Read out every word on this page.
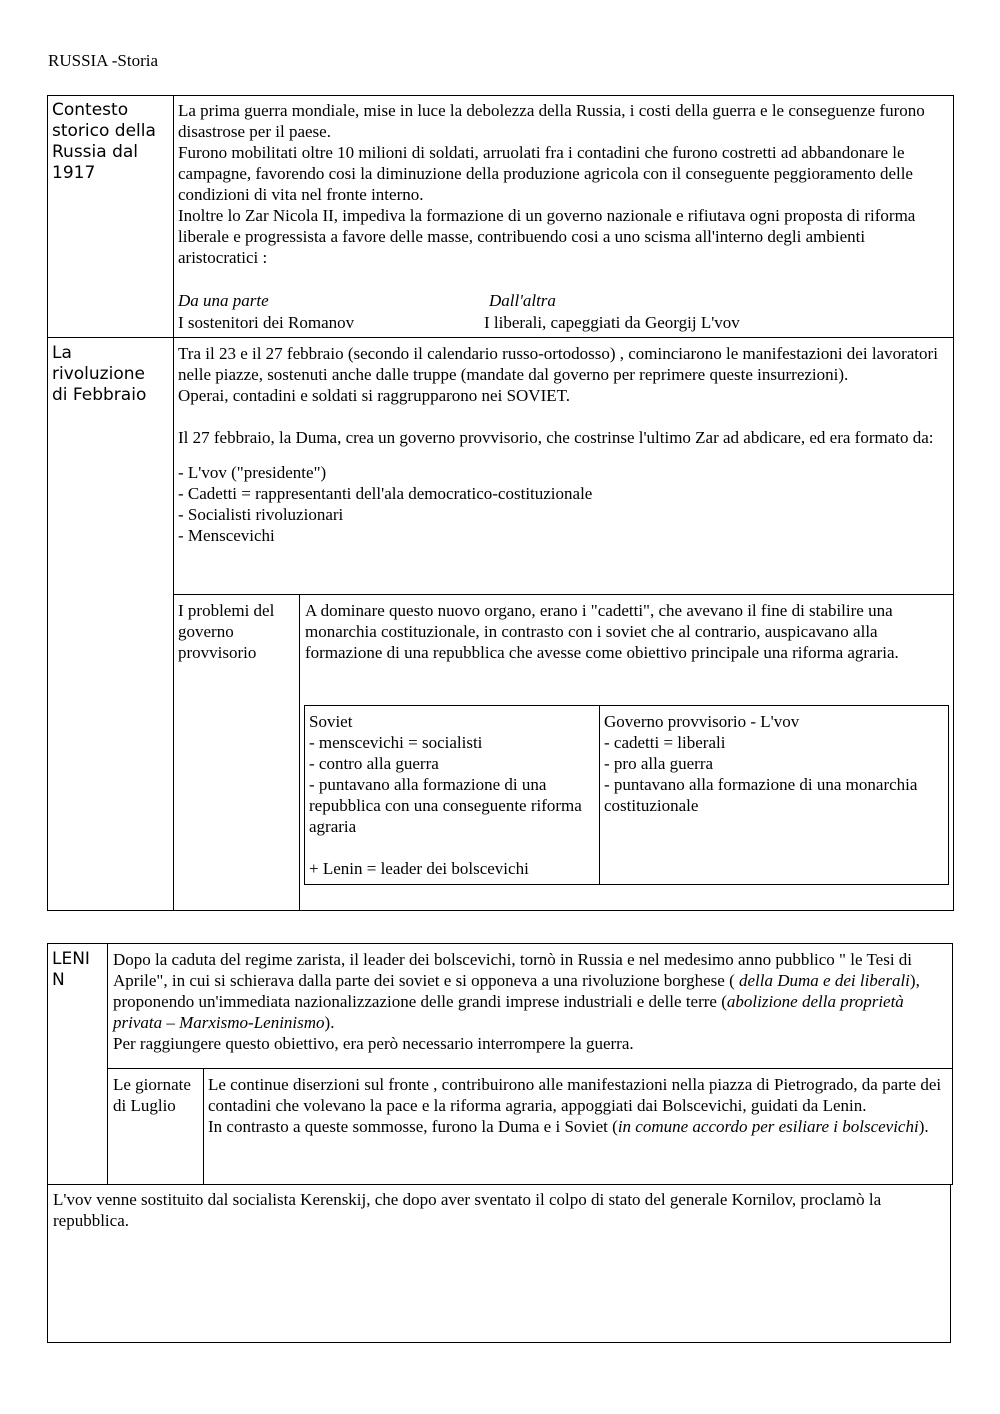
RUSSIA -Storia

Contesto

storico della

Russia dal

1917

La prima guerra mondiale, mise in luce la debolezza della Russia, i costi della guerra e le conseguenze furono disastrose per il paese.

Furono mobilitati oltre 10 milioni di soldati, arruolati fra i contadini che furono costretti ad abbandonare le campagne, favorendo cosi la diminuzione della produzione agricola con il conseguente peggioramento delle condizioni di vita nel fronte interno.

Inoltre lo Zar Nicola II, impediva la formazione di un governo nazionale e rifiutava ogni proposta di riforma liberale e progressista a favore delle masse, contribuendo cosi a uno scisma all'interno degli ambienti aristocratici :

Da una parte	Dall'altra
I sostenitori dei Romanov	I liberali, capeggiati da Georgij L'vov

La

rivoluzione

di Febbraio

Tra il 23 e il 27 febbraio (secondo il calendario russo-ortodosso) , cominciarono le manifestazioni dei lavoratori nelle piazze, sostenuti anche dalle truppe (mandate dal governo per reprimere queste insurrezioni).

Operai, contadini e soldati si raggrupparono nei SOVIET.

Il 27 febbraio, la Duma, crea un governo provvisorio, che costrinse l'ultimo Zar ad abdicare, ed era formato da:

- L'vov ("presidente")

- Cadetti = rappresentanti dell'ala democratico-costituzionale

- Socialisti rivoluzionari

- Menscevichi

I problemi del

governo

provvisorio

A dominare questo nuovo organo, erano i "cadetti", che avevano il fine di stabilire una monarchia costituzionale, in contrasto con i soviet che al contrario, auspicavano alla formazione di una repubblica che avesse come obiettivo principale una riforma agraria.

Soviet

- menscevichi = socialisti

- contro alla guerra

- puntavano alla formazione di una repubblica con una conseguente riforma agraria

+ Lenin = leader dei bolscevichi

Governo provvisorio - L'vov

- cadetti = liberali

- pro alla guerra

- puntavano alla formazione di una monarchia costituzionale

LENI

N

Dopo la caduta del regime zarista, il leader dei bolscevichi, tornò in Russia e nel medesimo anno pubblico " le Tesi di Aprile", in cui si schierava dalla parte dei soviet e si opponeva a una rivoluzione borghese ( della Duma e dei liberali), proponendo un'immediata nazionalizzazione delle grandi imprese industriali e delle terre (abolizione della proprietà privata – Marxismo-Leninismo).

Per raggiungere questo obiettivo, era però necessario interrompere la guerra.

Le giornate

di Luglio

Le continue diserzioni sul fronte , contribuirono alle manifestazioni nella piazza di Pietrogrado, da parte dei contadini che volevano la pace e la riforma agraria, appoggiati dai Bolscevichi, guidati da Lenin.

In contrasto a queste sommosse, furono la Duma e i Soviet (in comune accordo per esiliare i bolscevichi).

L'vov venne sostituito dal socialista Kerenskij, che dopo aver sventato il colpo di stato del generale Kornilov, proclamò la repubblica.
